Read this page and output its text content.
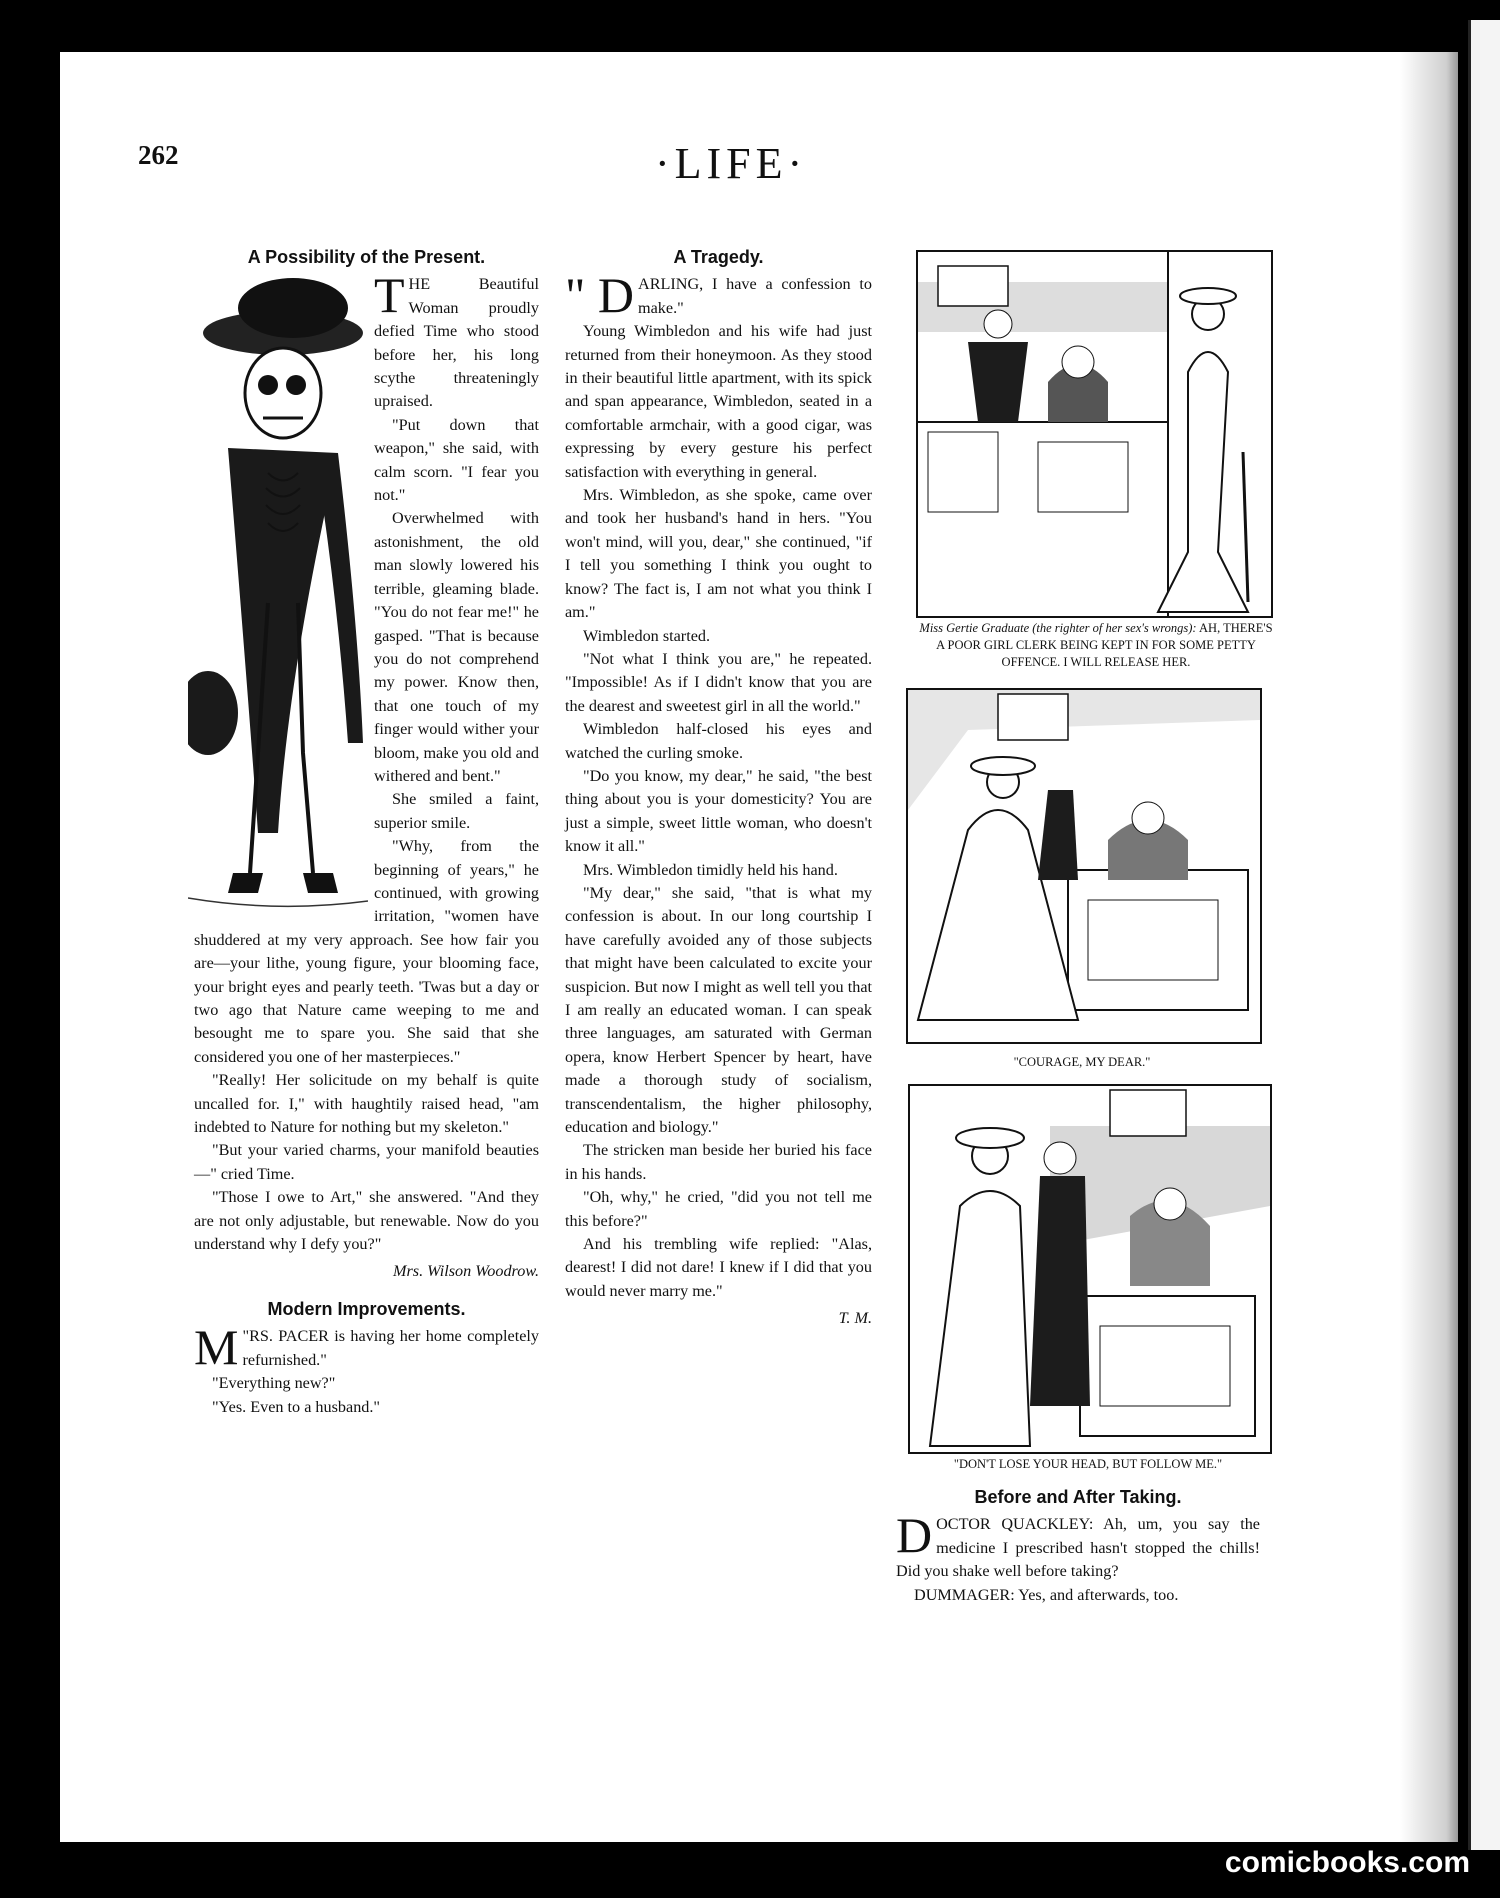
262	·LIFE·
A Possibility of the Present.

THE Beautiful Woman proudly defied Time who stood before her, his long scythe threateningly upraised.

"Put down that weapon," she said, with calm scorn. "I fear you not."

Overwhelmed with astonishment, the old man slowly lowered his terrible, gleaming blade. "You do not fear me!" he gasped. "That is because you do not comprehend my power. Know then, that one touch of my finger would wither your bloom, make you old and withered and bent."

She smiled a faint, superior smile.

"Why, from the beginning of years," he continued, with growing irritation, "women have shuddered at my very approach. See how fair you are—your lithe, young figure, your blooming face, your bright eyes and pearly teeth. 'Twas but a day or two ago that Nature came weeping to me and besought me to spare you. She said that she considered you one of her masterpieces."

"Really! Her solicitude on my behalf is quite uncalled for. I," with haughtily raised head, "am indebted to Nature for nothing but my skeleton."

"But your varied charms, your manifold beauties—" cried Time.

"Those I owe to Art," she answered. "And they are not only adjustable, but renewable. Now do you understand why I defy you?"

Mrs. Wilson Woodrow.
Modern Improvements.

"
M RS. PACER is having her home completely refurnished."

"Everything new?"

"Yes. Even to a husband."

A Tragedy.

" D ARLING, I have a confession to make."

Young Wimbledon and his wife had just returned from their honeymoon. As they stood in their beautiful little apartment, with its spick and span appearance, Wimbledon, seated in a comfortable armchair, with a good cigar, was expressing by every gesture his perfect satisfaction with everything in general.

Mrs. Wimbledon, as she spoke, came over and took her husband's hand in hers. "You won't mind, will you, dear," she continued, "if I tell you something I think you ought to know? The fact is, I am not what you think I am."

Wimbledon started.

"Not what I think you are," he repeated. "Impossible! As if I didn't know that you are the dearest and sweetest girl in all the world."

Wimbledon half-closed his eyes and watched the curling smoke.

"Do you know, my dear," he said, "the best thing about you is your domesticity? You are just a simple, sweet little woman, who doesn't know it all."

Mrs. Wimbledon timidly held his hand.

"My dear," she said, "that is what my confession is about. In our long courtship I have carefully avoided any of those subjects that might have been calculated to excite your suspicion. But now I might as well tell you that I am really an educated woman. I can speak three languages, am saturated with German opera, know Herbert Spencer by heart, have made a thorough study of socialism, transcendentalism, the higher philosophy, education and biology."

The stricken man beside her buried his face in his hands.

"Oh, why," he cried, "did you not tell me this before?"

And his trembling wife replied: "Alas, dearest! I did not dare! I knew if I did that you would never marry me."

T. M.
Miss Gertie Graduate (the righter of her sex's wrongs): AH, THERE'S A POOR GIRL CLERK BEING KEPT IN FOR SOME PETTY OFFENCE. I WILL RELEASE HER.
"COURAGE, MY DEAR."
"DON'T LOSE YOUR HEAD, BUT FOLLOW ME."
Before and After Taking.

DOCTOR QUACKLEY: Ah, um, you say the medicine I prescribed hasn't stopped the chills! Did you shake well before taking?

DUMMAGER: Yes, and afterwards, too.

comicbooks.com
